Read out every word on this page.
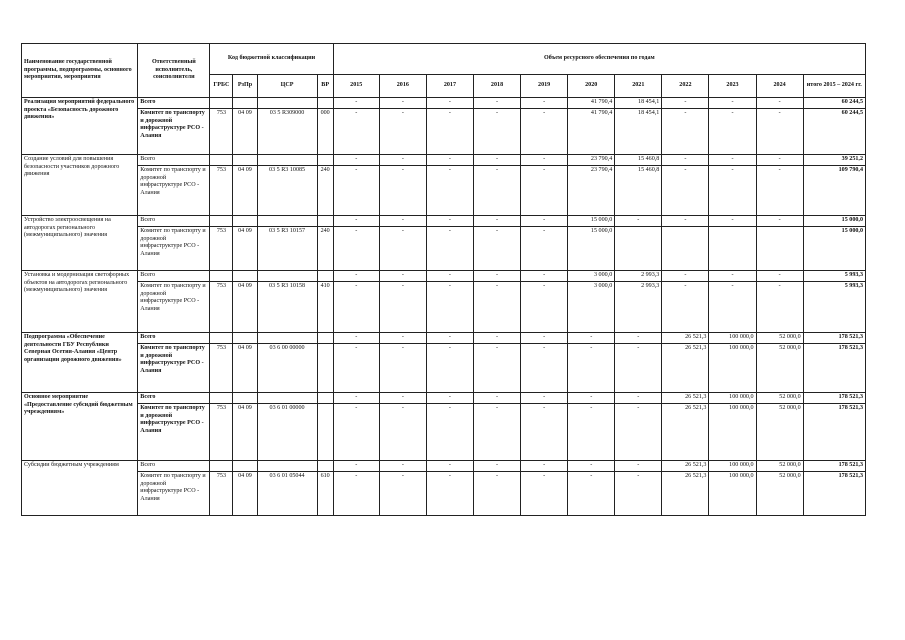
Наименование государственной программы, подпрограммы, основного мероприятия, мероприятия	Ответственный исполнитель, соисполнители	Код бюджетной классификации				Объем ресурсного обеспечения по годам										
		ГРБС	РзПр	ЦСР	ВР	2015	2016	2017	2018	2019	2020	2021	2022	2023	2024	итого 2015 – 2024 гг.
Реализация мероприятий федерального проекта «Безопасность дорожного движения»	Всего					-	-	-	-	-	41 790,4	18 454,1	-	-	-	60 244,5
	Комитет по транспорту и дорожной инфраструктуре РСО - Алания	753	04 09	03 5 R309000	000	-	-	-	-	-	41 790,4	18 454,1	-	-	-	60 244,5
Создание условий для повышения безопасности участников дорожного движения	Всего					-	-	-	-	-	23 790,4	15 460,8	-	-	-	39 251,2
	Комитет по транспорту и дорожной инфраструктуре РСО - Алания	753	04 09	03 5 R3 10085	240	-	-	-	-	-	23 790,4	15 460,8	-	-	-	109 790,4
Устройство электроосвещения на автодорогах регионального (межмуниципального) значения	Всего					-	-	-	-	-	15 000,0	-	-	-	-	15 000,0
	Комитет по транспорту и дорожной инфраструктуре РСО - Алания	753	04 09	03 5 R3 10157	240	-	-	-	-	-	15 000,0					15 000,0
Установка и модернизация светофорных объектов на автодорогах регионального (межмуниципального) значения	Всего					-	-	-	-	-	3 000,0	2 993,3	-	-	-	5 993,3
	Комитет по транспорту и дорожной инфраструктуре РСО - Алания	753	04 09	03 5 R3 10158	410	-	-	-	-	-	3 000,0	2 993,3	-	-	-	5 993,3
Подпрограмма «Обеспечение деятельности ГБУ Республики Северная Осетия-Алания «Центр организации дорожного движения»	Всего					-	-	-	-	-	-	-	26 521,3	100 000,0	52 000,0	178 521,3
	Комитет по транспорту и дорожной инфраструктуре РСО - Алания	753	04 09	03 6 00 00000		-	-	-	-	-	-	-	26 521,3	100 000,0	52 000,0	178 521,3
Основное мероприятие «Предоставление субсидий бюджетным учреждениям»	Всего					-	-	-	-	-	-	-	26 521,3	100 000,0	52 000,0	178 521,3
	Комитет по транспорту и дорожной инфраструктуре РСО - Алания	753	04 09	03 6 01 00000		-	-	-	-	-	-	-	26 521,3	100 000,0	52 000,0	178 521,3
Субсидии бюджетным учреждениям	Всего					-	-	-	-	-	-	-	26 521,3	100 000,0	52 000,0	178 521,3
	Комитет по транспорту и дорожной инфраструктуре РСО - Алания	753	04 09	03 6 01 05044	610	-	-	-	-	-	-	-	26 521,3	100 000,0	52 000,0	178 521,3
